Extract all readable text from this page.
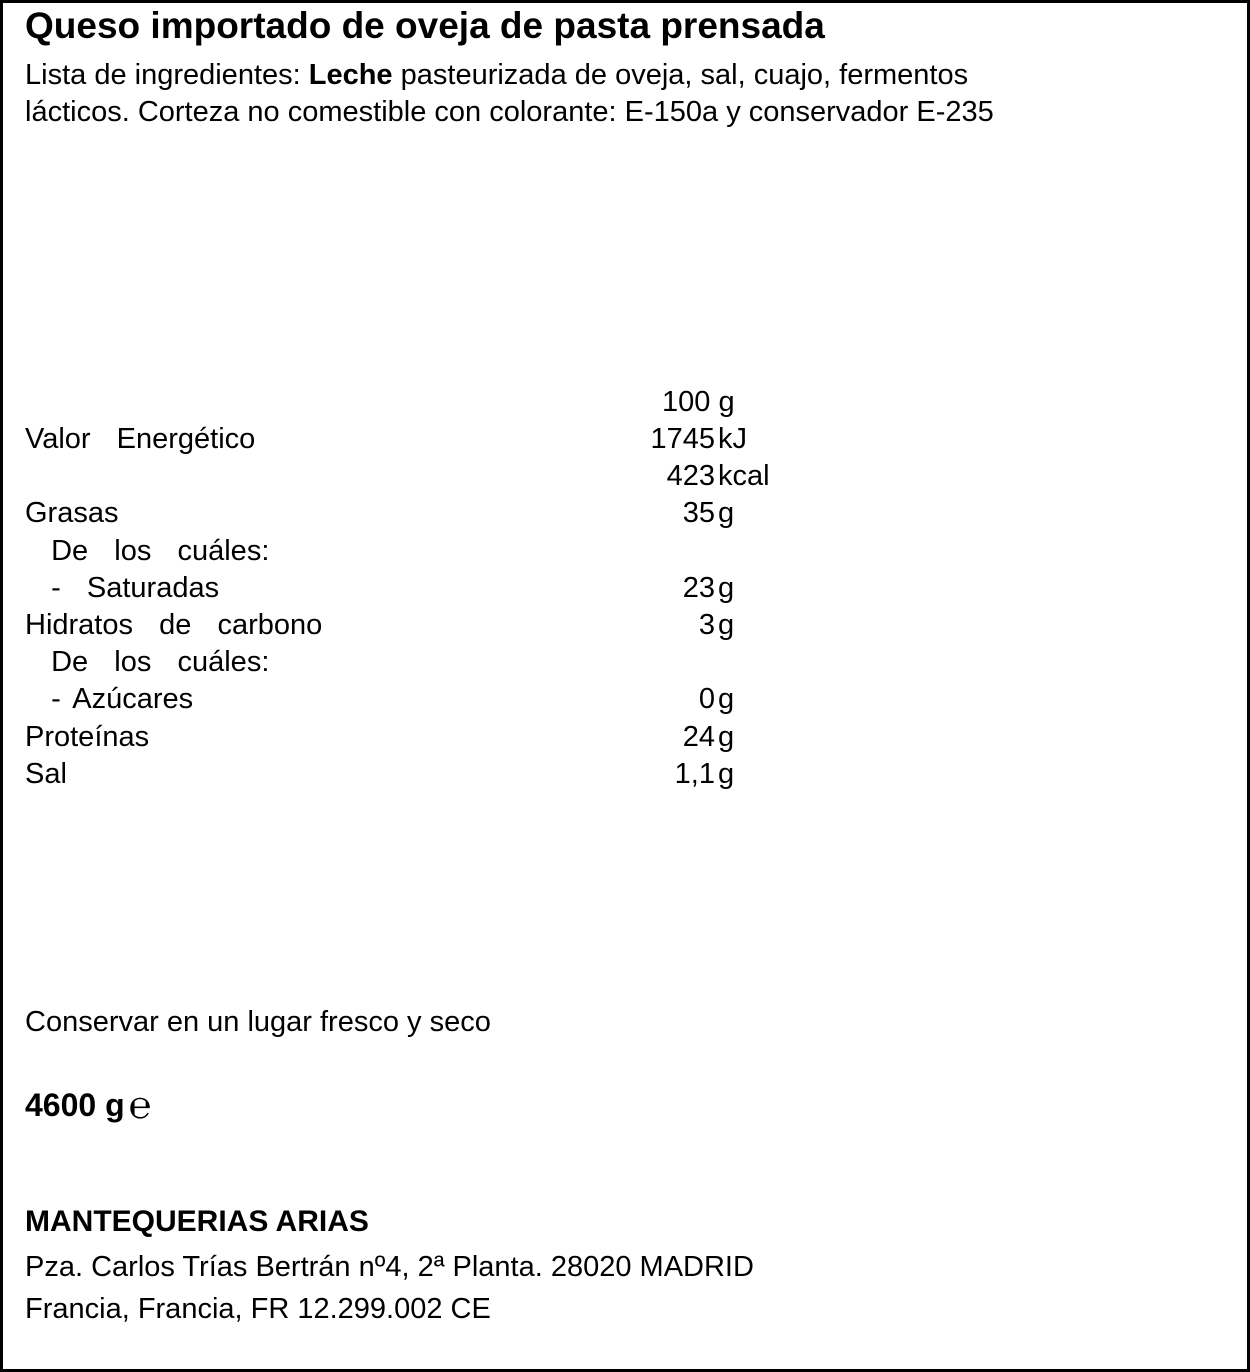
Queso importado de oveja de pasta prensada
Lista de ingredientes: Leche pasteurizada de oveja, sal, cuajo, fermentos
lácticos. Corteza no comestible con colorante: E-150a y conservador E-235
100 g
Valor  Energético	1745 kJ
423 kcal
Grasas	35 g
De  los  cuáles:
-  Saturadas	23 g
Hidratos  de  carbono	3 g
De  los  cuáles:
- Azúcares	0 g
Proteínas	24 g
Sal	1,1 g
Conservar en un lugar fresco y seco
4600 g ℮
MANTEQUERIAS ARIAS
Pza. Carlos Trías Bertrán nº4, 2ª Planta. 28020 MADRID
Francia, Francia, FR 12.299.002 CE
